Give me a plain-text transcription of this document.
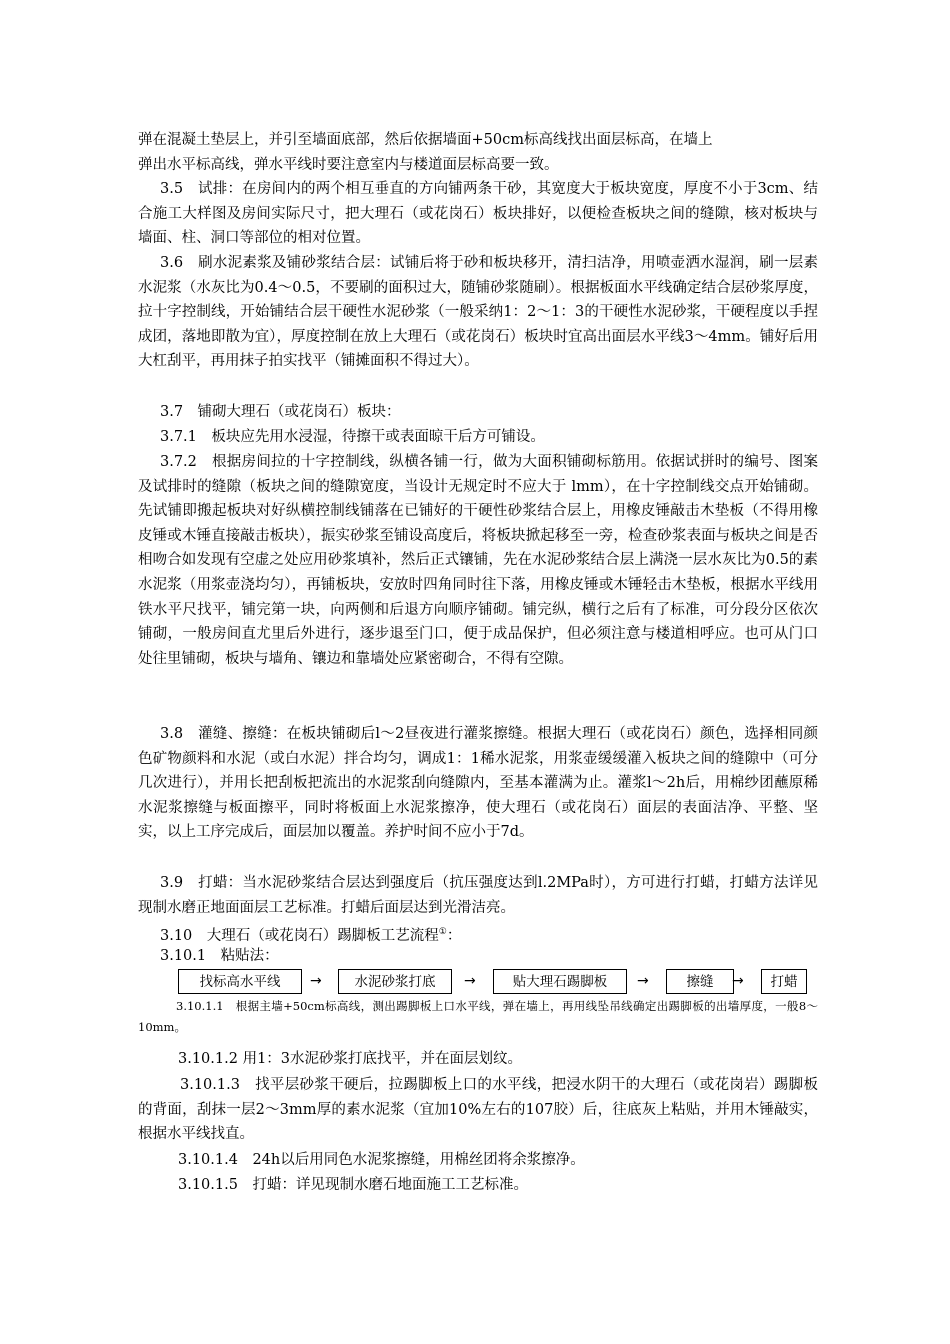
弹在混凝土垫层上，并引至墙面底部，然后依据墙面+50cm标高线找出面层标高，在墙上

弹出水平标高线，弹水平线时要注意室内与楼道面层标高要一致。

3.5　试排：在房间内的两个相互垂直的方向铺两条干砂，其宽度大于板块宽度，厚度不小于3cm、结合施工大样图及房间实际尺寸，把大理石（或花岗石）板块排好，以便检查板块之间的缝隙，核对板块与墙面、柱、洞口等部位的相对位置。

3.6　刷水泥素浆及铺砂浆结合层：试铺后将于砂和板块移开，清扫洁净，用喷壶洒水湿润，刷一层素水泥浆（水灰比为0.4～0.5，不要刷的面积过大，随铺砂浆随刷）。根据板面水平线确定结合层砂浆厚度，拉十字控制线，开始铺结合层干硬性水泥砂浆（一般采纳1：2～1：3的干硬性水泥砂浆，干硬程度以手捏成团，落地即散为宜），厚度控制在放上大理石（或花岗石）板块时宜高出面层水平线3～4mm。铺好后用大杠刮平，再用抹子拍实找平（铺摊面积不得过大）。

3.7　铺砌大理石（或花岗石）板块：

3.7.1　板块应先用水浸湿，待擦干或表面晾干后方可铺设。

3.7.2　根据房间拉的十字控制线，纵横各铺一行，做为大面积铺砌标筋用。依据试拼时的编号、图案及试排时的缝隙（板块之间的缝隙宽度，当设计无规定时不应大于 lmm），在十字控制线交点开始铺砌。先试铺即搬起板块对好纵横控制线铺落在已铺好的干硬性砂浆结合层上，用橡皮锤敲击木垫板（不得用橡皮锤或木锤直接敲击板块），振实砂浆至铺设高度后，将板块掀起移至一旁，检查砂浆表面与板块之间是否相吻合如发现有空虚之处应用砂浆填补，然后正式镶铺，先在水泥砂浆结合层上满浇一层水灰比为0.5的素水泥浆（用浆壶浇均匀），再铺板块，安放时四角同时往下落，用橡皮锤或木锤轻击木垫板，根据水平线用铁水平尺找平，铺完第一块，向两侧和后退方向顺序铺砌。铺完纵，横行之后有了标准，可分段分区依次铺砌，一般房间直尤里后外进行，逐步退至门口，便于成品保护，但必须注意与楼道相呼应。也可从门口处往里铺砌，板块与墙角、镶边和靠墙处应紧密砌合，不得有空隙。

3.8　灌缝、擦缝：在板块铺砌后l～2昼夜进行灌浆擦缝。根据大理石（或花岗石）颜色，选择相同颜色矿物颜料和水泥（或白水泥）拌合均匀，调成1：1稀水泥浆，用浆壶缓缓灌入板块之间的缝隙中（可分几次进行），并用长把刮板把流出的水泥浆刮向缝隙内，至基本灌满为止。灌浆l～2h后，用棉纱团蘸原稀水泥浆擦缝与板面擦平，同时将板面上水泥浆擦净，使大理石（或花岗石）面层的表面洁净、平整、坚实，以上工序完成后，面层加以覆盖。养护时间不应小于7d。

3.9　打蜡：当水泥砂浆结合层达到强度后（抗压强度达到l.2MPa时），方可进行打蜡，打蜡方法详见现制水磨正地面面层工艺标准。打蜡后面层达到光滑洁亮。

3.10　大理石（或花岗石）踢脚板工艺流程①：

3.10.1　粘贴法：

找标高水平线	→	水泥砂浆打底	→	贴大理石踢脚板	→	擦缝	→	打蜡

3.10.1.1　根据主墙+50cm标高线，测出踢脚板上口水平线，弹在墙上，再用线坠吊线确定出踢脚板的出墙厚度，一般8～10mm。

3.10.1.2 用1：3水泥砂浆打底找平，并在面层划纹。

3.10.1.3　找平层砂浆干硬后，拉踢脚板上口的水平线，把浸水阴干的大理石（或花岗岩）踢脚板的背面，刮抹一层2～3mm厚的素水泥浆（宜加10%左右的107胶）后，往底灰上粘贴，并用木锤敲实，根据水平线找直。

3.10.1.4　24h以后用同色水泥浆擦缝，用棉丝团将余浆擦净。

3.10.1.5　打蜡：详见现制水磨石地面施工工艺标准。
